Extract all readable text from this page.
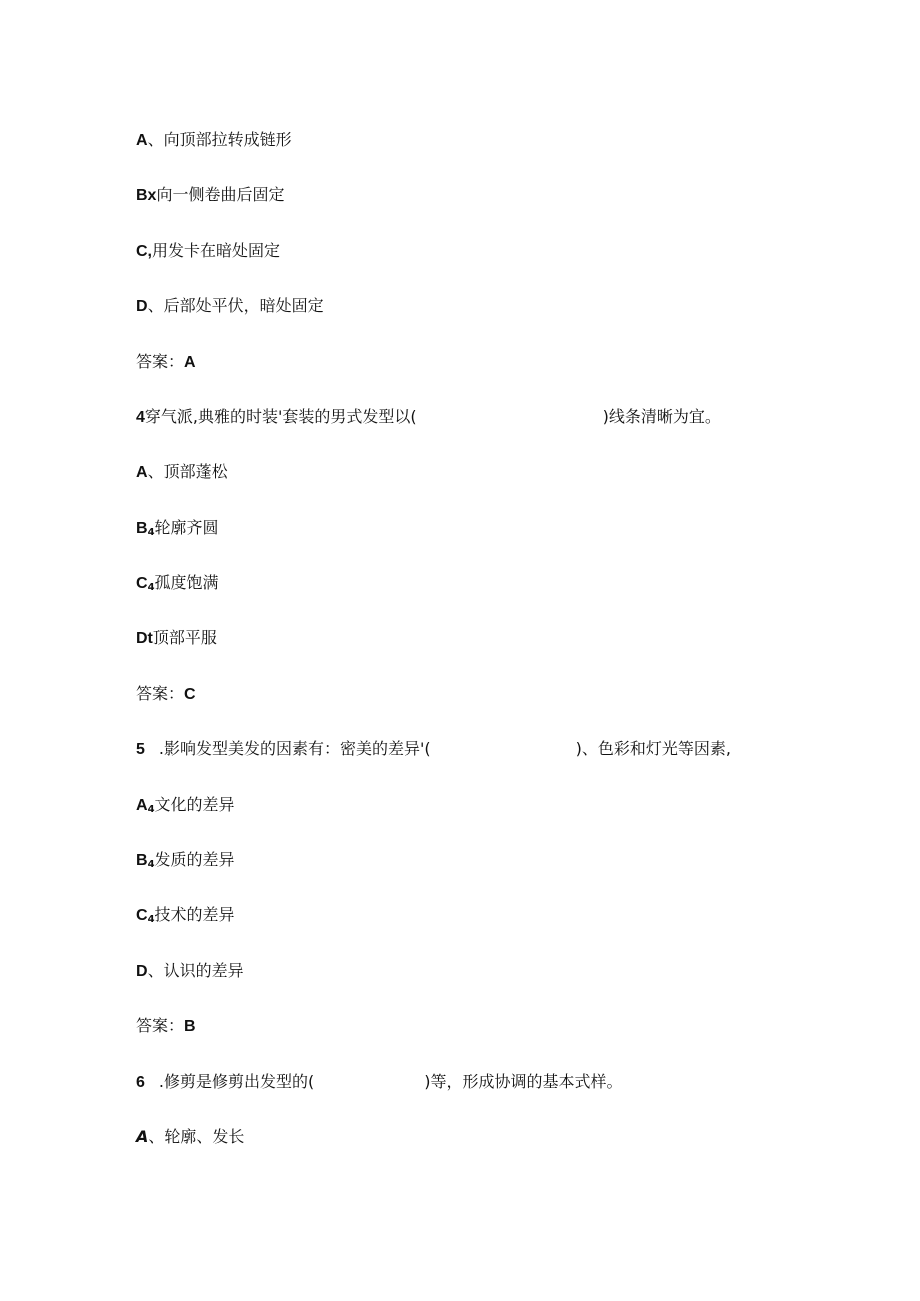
A、向顶部拉转成链形
Bx向一侧卷曲后固定
C,用发卡在暗处固定
D、后部处平伏，暗处固定
答案：A
4穿气派,典雅的时装'套装的男式发型以(	)线条清晰为宜。
A、顶部蓬松
$B_4$轮廓齐圆
$C_4$孤度饱满
Dt顶部平服
答案：C
5 .影响发型美发的因素有：密美的差异'(	)、色彩和灯光等因素,
$A_4$文化的差异
$B_4$发质的差异
$C_4$技术的差异
D、认识的差异
答案：B
6 .修剪是修剪出发型的(	)等，形成协调的基本式样。
A、轮廓、发长
